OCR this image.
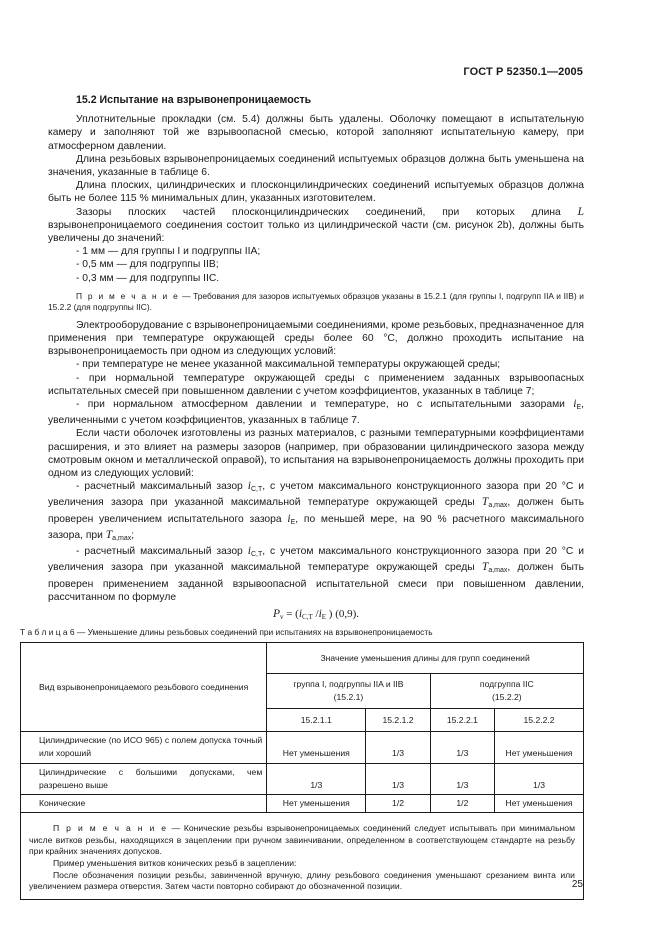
ГОСТ Р 52350.1—2005
15.2 Испытание на взрывонепроницаемость

Уплотнительные прокладки (см. 5.4) должны быть удалены. Оболочку помещают в испытательную камеру и заполняют той же взрывоопасной смесью, которой заполняют испытательную камеру, при атмосферном давлении.

Длина резьбовых взрывонепроницаемых соединений испытуемых образцов должна быть уменьшена на значения, указанные в таблице 6.

Длина плоских, цилиндрических и плосконцилиндрических соединений испытуемых образцов должна быть не более 115 % минимальных длин, указанных изготовителем.

Зазоры плоских частей плосконцилиндрических соединений, при которых длина L взрывонепроницаемого соединения состоит только из цилиндрической части (см. рисунок 2b), должны быть увеличены до значений:

- 1 мм — для группы I и подгруппы IIA;

- 0,5 мм — для подгруппы IIB;

- 0,3 мм — для подгруппы IIC.

П р и м е ч а н и е — Требования для зазоров испытуемых образцов указаны в 15.2.1 (для группы I, подгрупп IIA и IIB) и 15.2.2 (для подгруппы IIC).

Электрооборудование с взрывонепроницаемыми соединениями, кроме резьбовых, предназначенное для применения при температуре окружающей среды более 60 °С, должно проходить испытание на взрывонепроницаемость при одном из следующих условий:

- при температуре не менее указанной максимальной температуры окружающей среды;

- при нормальной температуре окружающей среды с применением заданных взрывоопасных испытательных смесей при повышенном давлении с учетом коэффициентов, указанных в таблице 7;

- при нормальном атмосферном давлении и температуре, но с испытательными зазорами $i_E$, увеличенными с учетом коэффициентов, указанных в таблице 7.

Если части оболочек изготовлены из разных материалов, с разными температурными коэффициентами расширения, и это влияет на размеры зазоров (например, при образовании цилиндрического зазора между смотровым окном и металлической оправой), то испытания на взрывонепроницаемость должны проходить при одном из следующих условий:

- расчетный максимальный зазор $i_{C,T}$, с учетом максимального конструкционного зазора при 20 °С и увеличения зазора при указанной максимальной температуре окружающей среды $T_{a,max}$, должен быть проверен увеличением испытательного зазора $i_E$, по меньшей мере, на 90 % расчетного максимального зазора, при $T_{a,max}$;

- расчетный максимальный зазор $i_{C,T}$, с учетом максимального конструкционного зазора при 20 °С и увеличения зазора при указанной максимальной температуре окружающей среды $T_{a,max}$, должен быть проверен применением заданной взрывоопасной испытательной смеси при повышенном давлении, рассчитанном по формуле

$P_v = (i_{C,T}$ $/i_E$ ) (0,9).
Т а б л и ц а 6 — Уменьшение длины резьбовых соединений при испытаниях на взрывонепроницаемость
Вид взрывонепроницаемого резьбового соединения	Значение уменьшения длины для групп соединений			
	группа I, подгруппы IIA и IIB
(15.2.1)		подгруппа IIC
(15.2.2)	
	15.2.1.1	15.2.1.2	15.2.2.1	15.2.2.2
Цилиндрические (по ИСО 965) с полем допуска точный или хороший	Нет уменьшения	1/3	1/3	Нет уменьшения
Цилиндрические с большими допусками, чем разрешено выше	1/3	1/3	1/3	1/3
Конические	Нет уменьшения	1/2	1/2	Нет уменьшения

П р и м е ч а н и е — Конические резьбы взрывонепроницаемых соединений следует испытывать при минимальном числе витков резьбы, находящихся в зацеплении при ручном завинчивании, определенном в соответствующем стандарте на резьбу при крайних значениях допусков.

Пример уменьшения витков конических резьб в зацеплении:

После обозначения позиции резьбы, завинченной вручную, длину резьбового соединения уменьшают срезанием винта или увеличением размера отверстия. Затем части повторно собирают до обозначенной позиции.					25
